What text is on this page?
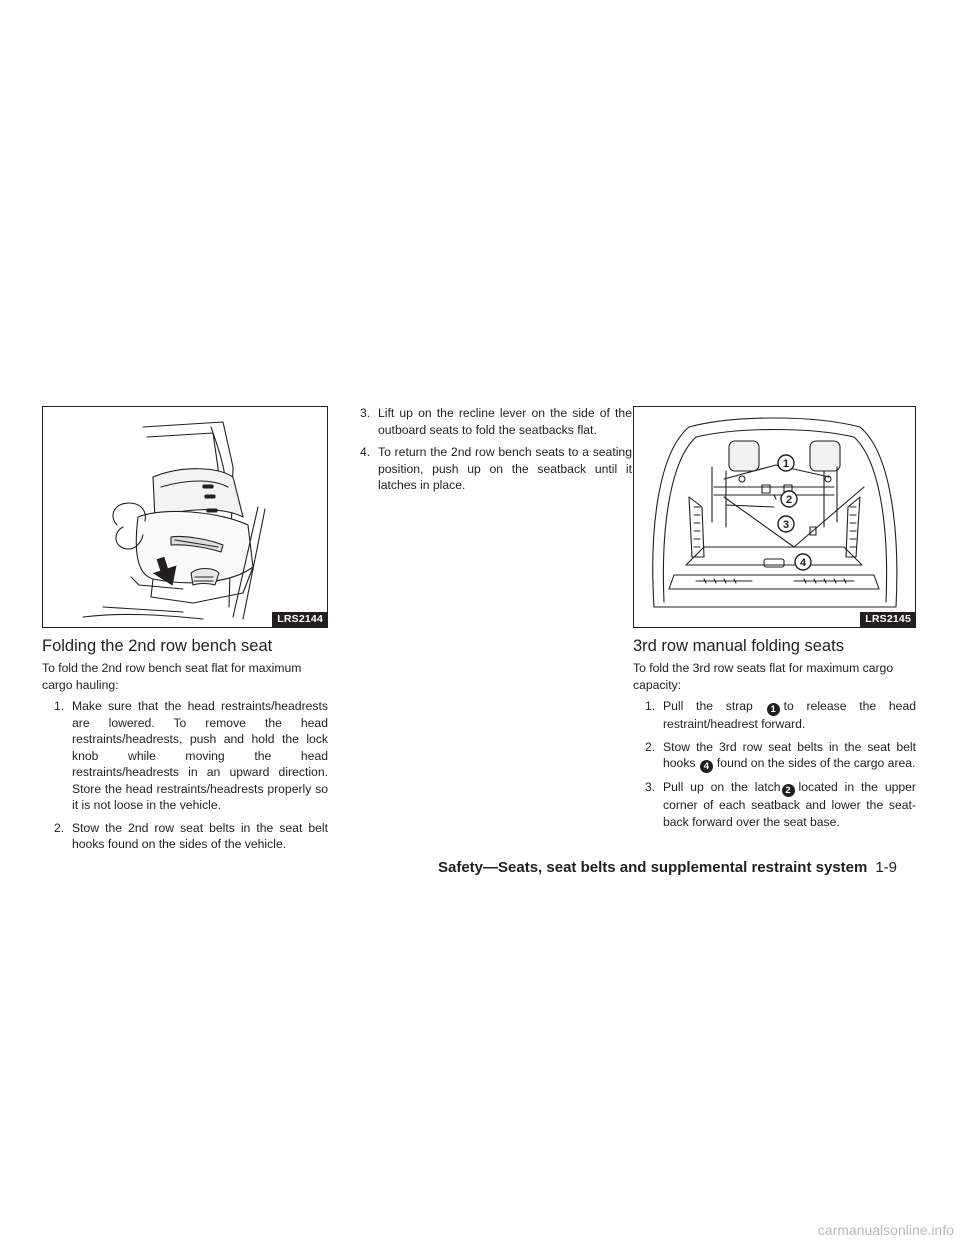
LRS2144
Folding the 2nd row bench seat

To fold the 2nd row bench seat flat for maximum cargo hauling:

1. Make sure that the head restraints/headrests are lowered. To remove the head restraints/headrests, push and hold the lock knob while moving the head restraints/headrests in an upward direction. Store the head restraints/headrests properly so it is not loose in the vehicle.
2. Stow the 2nd row seat belts in the seat belt hooks found on the sides of the vehicle.
3. Lift up on the recline lever on the side of the outboard seats to fold the seatbacks flat.
4. To return the 2nd row bench seats to a seating position, push up on the seatback until it latches in place.
1
2
3
4
LRS2145
3rd row manual folding seats

To fold the 3rd row seats flat for maximum cargo capacity:

1. Pull the strap 1 to release the head restraint/headrest forward.
2. Stow the 3rd row seat belts in the seat belt hooks 4 found on the sides of the cargo area.
3. Pull up on the latch 2 located in the upper corner of each seatback and lower the seat-back forward over the seat base.
Safety—Seats, seat belts and supplemental restraint system 1-9
carmanualsonline.info
